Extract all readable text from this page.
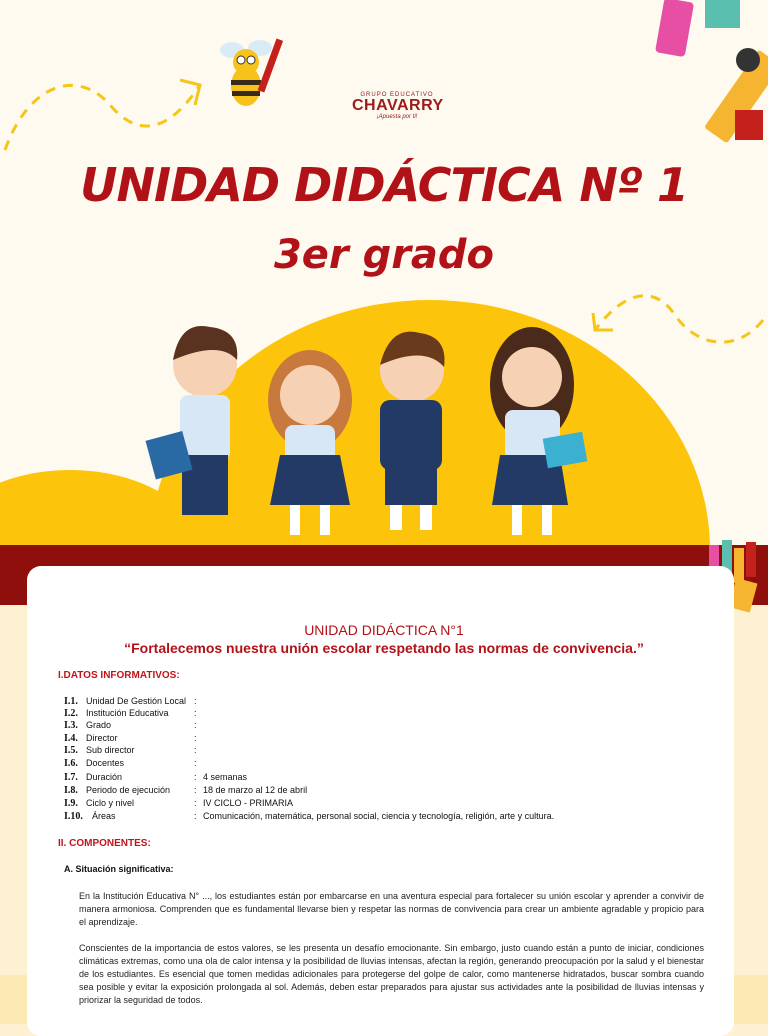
GRUPO EDUCATIVO
CHAVARRY
¡Apuesta por ti!
UNIDAD DIDÁCTICA Nº 1
3er grado
UNIDAD DIDÁCTICA N°1
“Fortalecemos nuestra unión escolar respetando las normas de convivencia.”
I.DATOS INFORMATIVOS:
I.1. Unidad De Gestión Local :
I.2. Institución Educativa	:
I.3. Grado	:
I.4. Director	:
I.5. Sub director	:
I.6. Docentes	:
I.7. Duración	: 4 semanas
I.8. Periodo de ejecución	: 18 de marzo al 12 de abril
I.9. Ciclo y nivel	: IV CICLO - PRIMARIA
I.10. Áreas	: Comunicación, matemática, personal social, ciencia y tecnología, religión, arte y cultura.
II. COMPONENTES:
A. Situación significativa:

En la Institución Educativa N° ..., los estudiantes están por embarcarse en una aventura especial para fortalecer su unión escolar y aprender a convivir de manera armoniosa. Comprenden que es fundamental llevarse bien y respetar las normas de convivencia para crear un ambiente agradable y propicio para el aprendizaje.

Conscientes de la importancia de estos valores, se les presenta un desafío emocionante. Sin embargo, justo cuando están a punto de iniciar, condiciones climáticas extremas, como una ola de calor intensa y la posibilidad de lluvias intensas, afectan la región, generando preocupación por la salud y el bienestar de los estudiantes. Es esencial que tomen medidas adicionales para protegerse del golpe de calor, como mantenerse hidratados, buscar sombra cuando sea posible y evitar la exposición prolongada al sol. Además, deben estar preparados para ajustar sus actividades ante la posibilidad de lluvias intensas y priorizar la seguridad de todos.
